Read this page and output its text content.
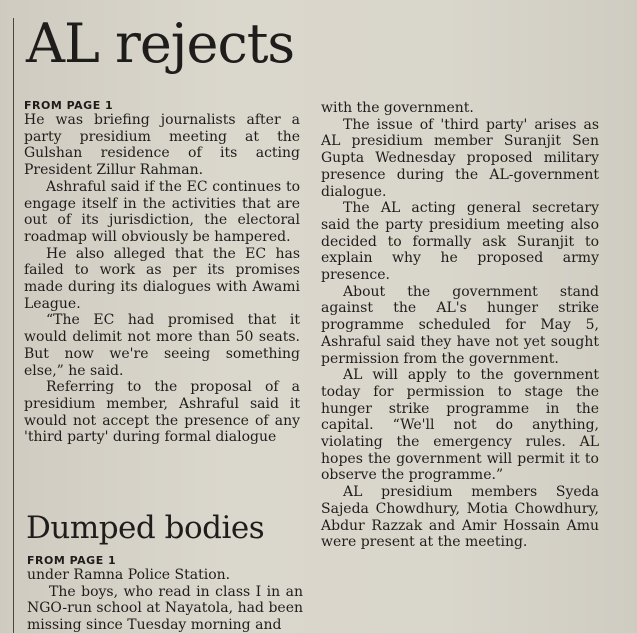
AL rejects

FROM PAGE 1

He was briefing journalists after a party presidium meeting at the Gulshan residence of its acting President Zillur Rahman.

Ashraful said if the EC continues to engage itself in the activities that are out of its jurisdiction, the electoral roadmap will obviously be hampered.

He also alleged that the EC has failed to work as per its promises made during its dialogues with Awami League.

“The EC had promised that it would delimit not more than 50 seats. But now we're seeing something else,” he said.

Referring to the proposal of a presidium member, Ashraful said it would not accept the presence of any 'third party' during formal dialogue

with the government.

The issue of 'third party' arises as AL presidium member Suranjit Sen Gupta Wednesday proposed military presence during the AL-government dialogue.

The AL acting general secretary said the party presidium meeting also decided to formally ask Suranjit to explain why he proposed army presence.

About the government stand against the AL's hunger strike programme scheduled for May 5, Ashraful said they have not yet sought permission from the government.

AL will apply to the government today for permission to stage the hunger strike programme in the capital. “We'll not do anything, violating the emergency rules. AL hopes the government will permit it to observe the programme.”

AL presidium members Syeda Sajeda Chowdhury, Motia Chowdhury, Abdur Razzak and Amir Hossain Amu were present at the meeting.

Dumped bodies

FROM PAGE 1

under Ramna Police Station.

The boys, who read in class I in an NGO-run school at Nayatola, had been missing since Tuesday morning and
